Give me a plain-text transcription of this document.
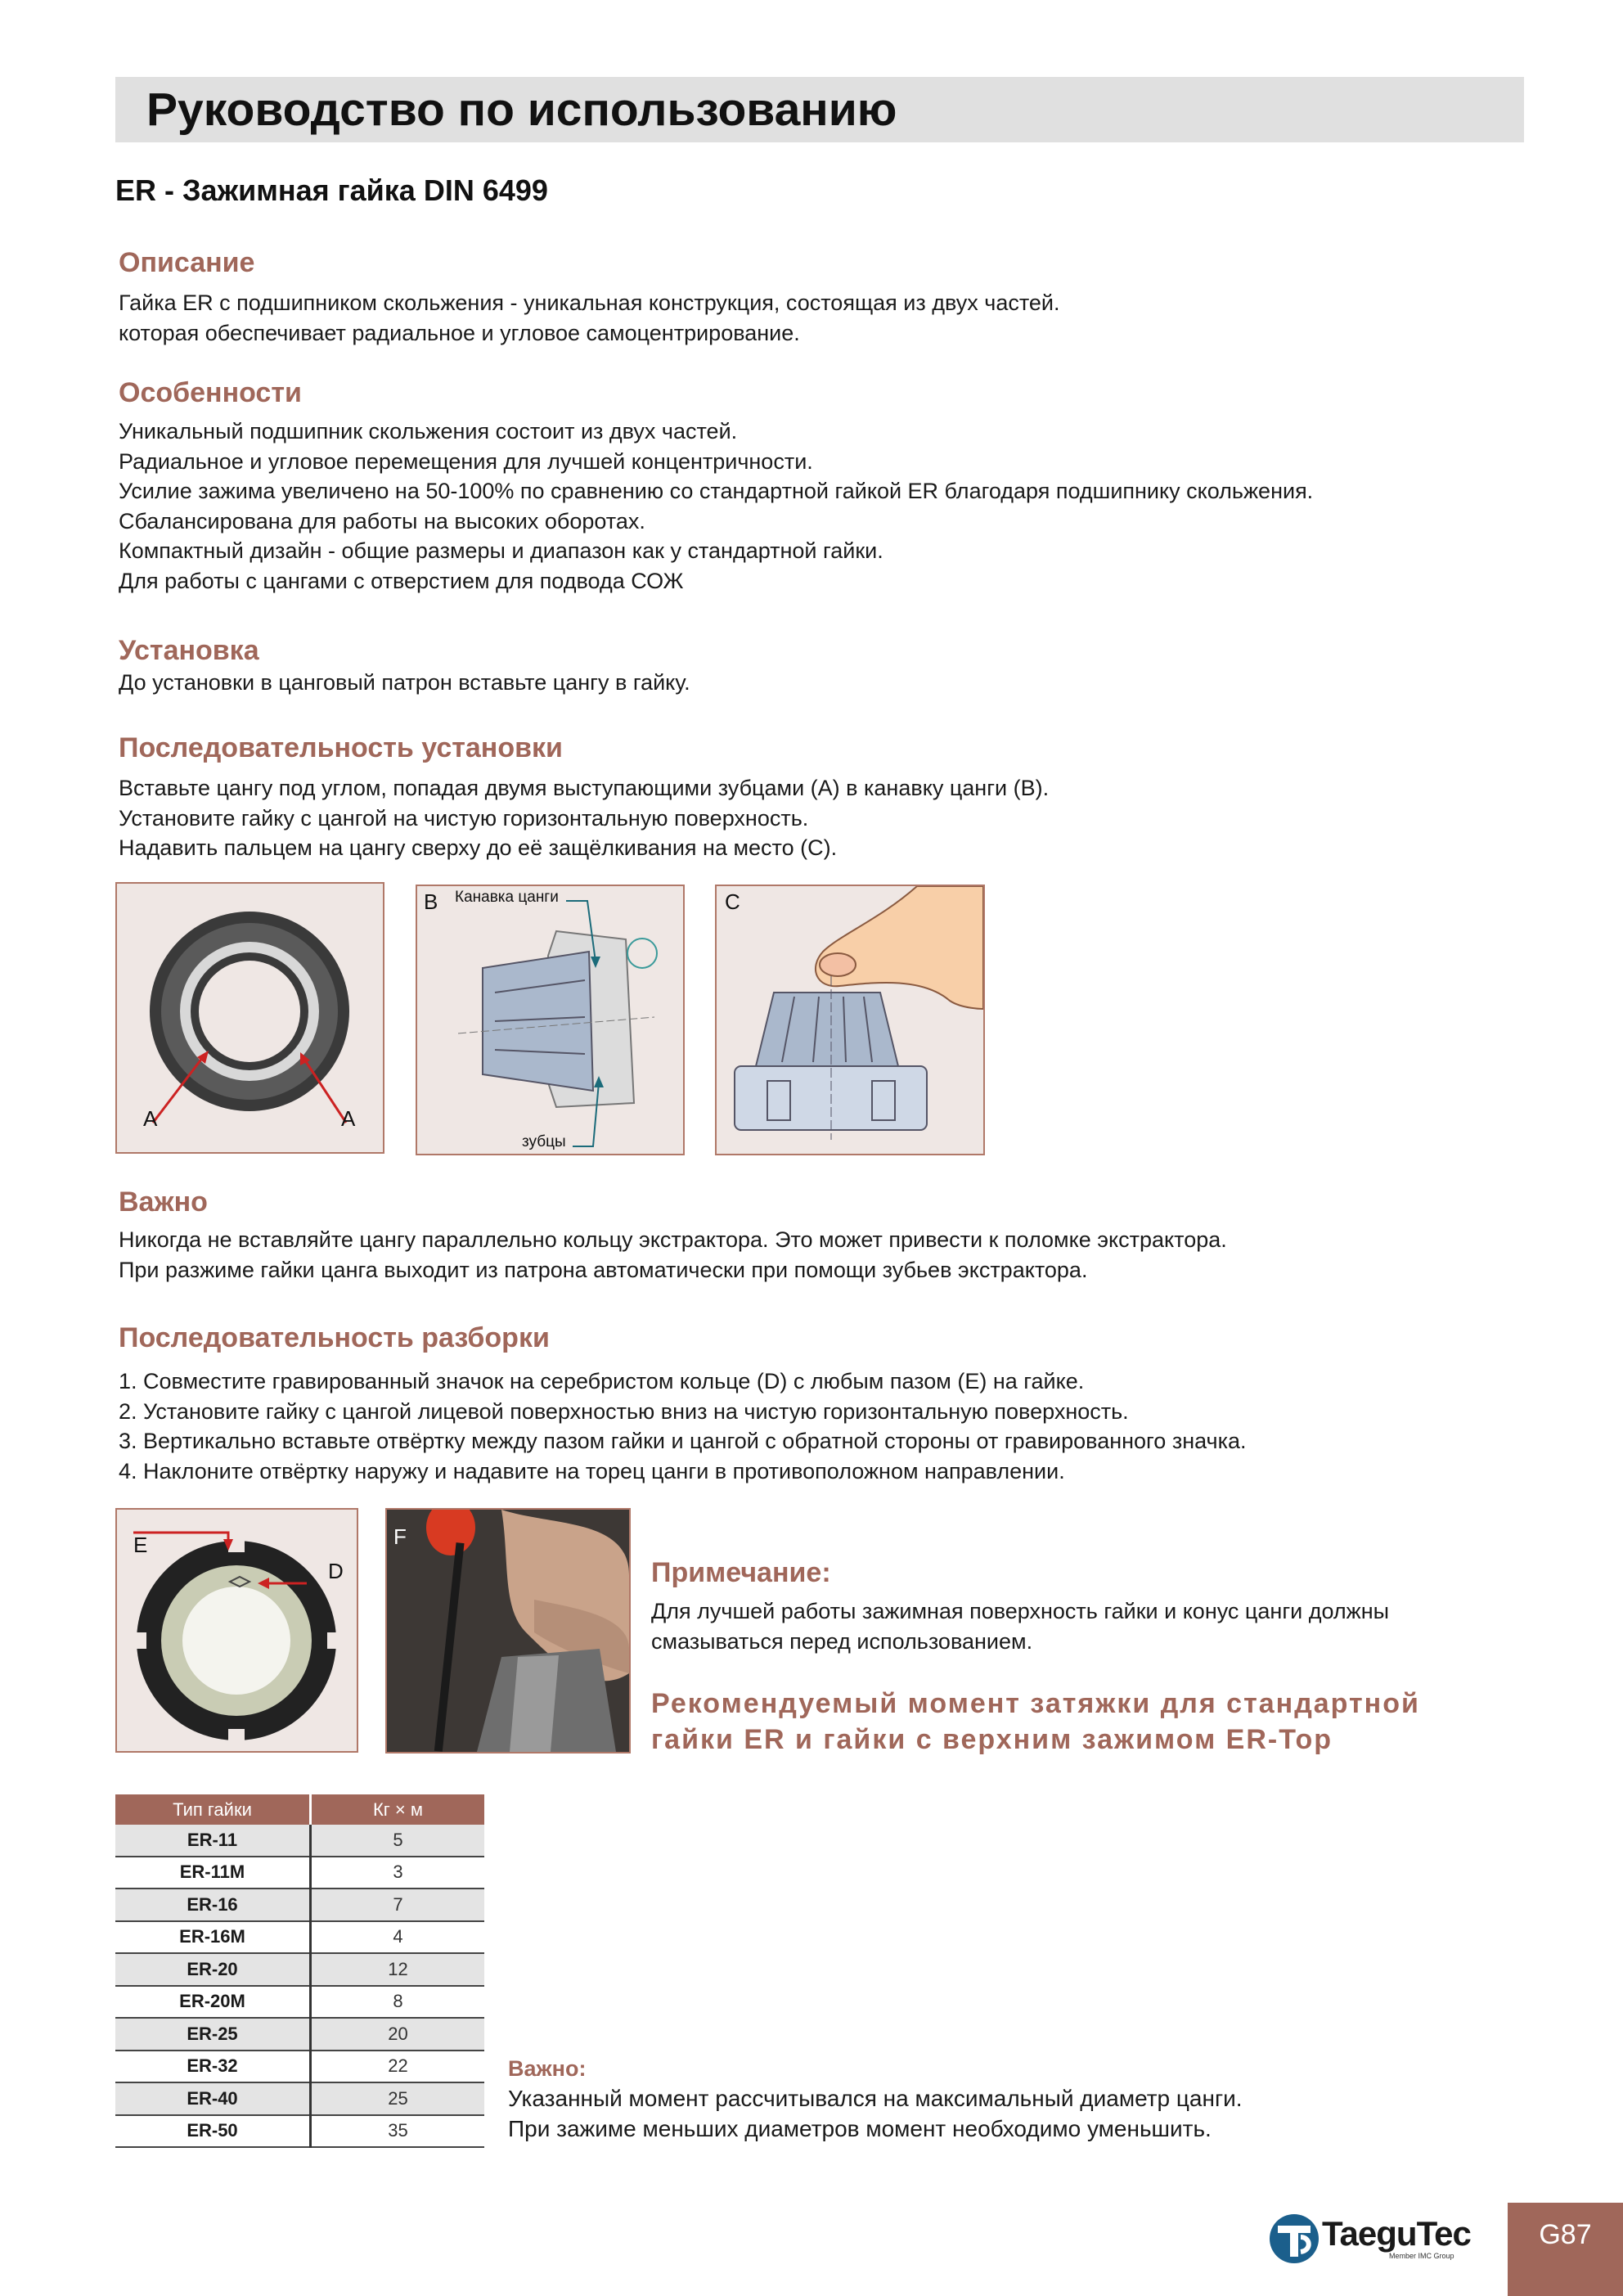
Руководство по использованию
ER - Зажимная гайка DIN 6499
Описание
Гайка ER с подшипником скольжения - уникальная конструкция, состоящая из двух частей.
которая обеспечивает радиальное и угловое самоцентрирование.
Особенности
Уникальный подшипник скольжения состоит из двух частей.
Радиальное и угловое перемещения для лучшей концентричности.
Усилие зажима увеличено на 50-100% по сравнению со стандартной гайкой ER благодаря подшипнику скольжения.
Сбалансирована для работы на высоких оборотах.
Компактный дизайн - общие размеры и диапазон как у стандартной гайки.
Для работы с цангами с отверстием для подвода СОЖ
Установка
До установки в цанговый патрон вставьте цангу в гайку.
Последовательность установки
Вставьте цангу под углом, попадая двумя выступающими зубцами (А) в канавку цанги (В).
Установите гайку с цангой на чистую горизонтальную поверхность.
Надавить пальцем на цангу сверху до её защёлкивания на место (С).
A	A
B Канавка цанги
зубцы
C
Важно
Никогда не вставляйте цангу параллельно кольцу экстрактора. Это может привести к поломке экстрактора.
При разжиме гайки цанга выходит из патрона автоматически при помощи зубьев экстрактора.
Последовательность разборки
1. Совместите гравированный значок на серебристом кольце (D) с любым пазом (E) на гайке.
2. Установите гайку с цангой лицевой поверхностью вниз на чистую горизонтальную поверхность.
3. Вертикально вставьте отвёртку между пазом гайки и цангой с обратной стороны от гравированного значка.
4. Наклоните отвёртку наружу и надавите на торец цанги в противоположном направлении.
E
D
F
Примечание:
Для лучшей работы зажимная поверхность гайки и конус цанги должны
смазываться перед использованием.
Рекомендуемый момент затяжки для стандартной
гайки ER и гайки с верхним зажимом ER-Top
Тип гайки	Кг × м
ER-11	5
ER-11M	3
ER-16	7
ER-16M	4
ER-20	12
ER-20M	8
ER-25	20
ER-32	22
ER-40	25
ER-50	35
Важно:
Указанный момент рассчитывался на максимальный диаметр цанги.
При зажиме меньших диаметров момент необходимо уменьшить.
TaeguTec
Member IMC Group
G87
